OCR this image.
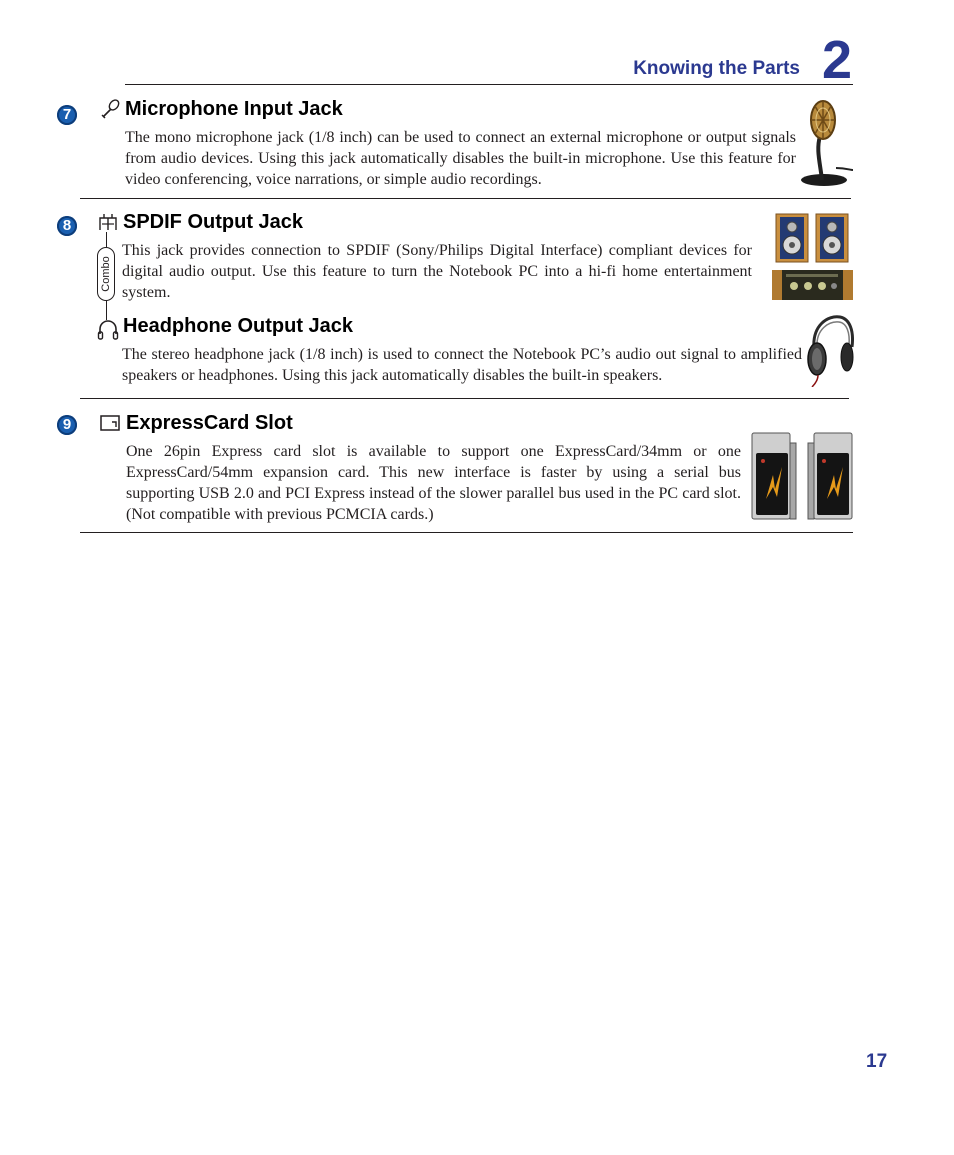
Knowing the Parts 2
7	Microphone Input Jack
The mono microphone jack (1/8 inch) can be used to connect an external microphone or output signals from audio devices. Using this jack automatically disables the built-in microphone. Use this feature for video conferencing, voice narrations, or simple audio recordings.
8	SPDIF Output Jack
This jack provides connection to SPDIF (Sony/Philips Digital Interface) compliant devices for digital audio output. Use this feature to turn the Notebook PC into a hi-fi home entertainment system.
Combo
Headphone Output Jack
The stereo headphone jack (1/8 inch) is used to connect the Notebook PC’s audio out signal to amplified speakers or headphones. Using this jack automatically disables the built-in speakers.
9	ExpressCard Slot
One 26pin Express card slot is available to support one ExpressCard/34mm or one ExpressCard/54mm expansion card. This new interface is faster by using a serial bus supporting USB 2.0 and PCI Express instead of the slower parallel bus used in the PC card slot. (Not compatible with previous PCMCIA cards.)
17
